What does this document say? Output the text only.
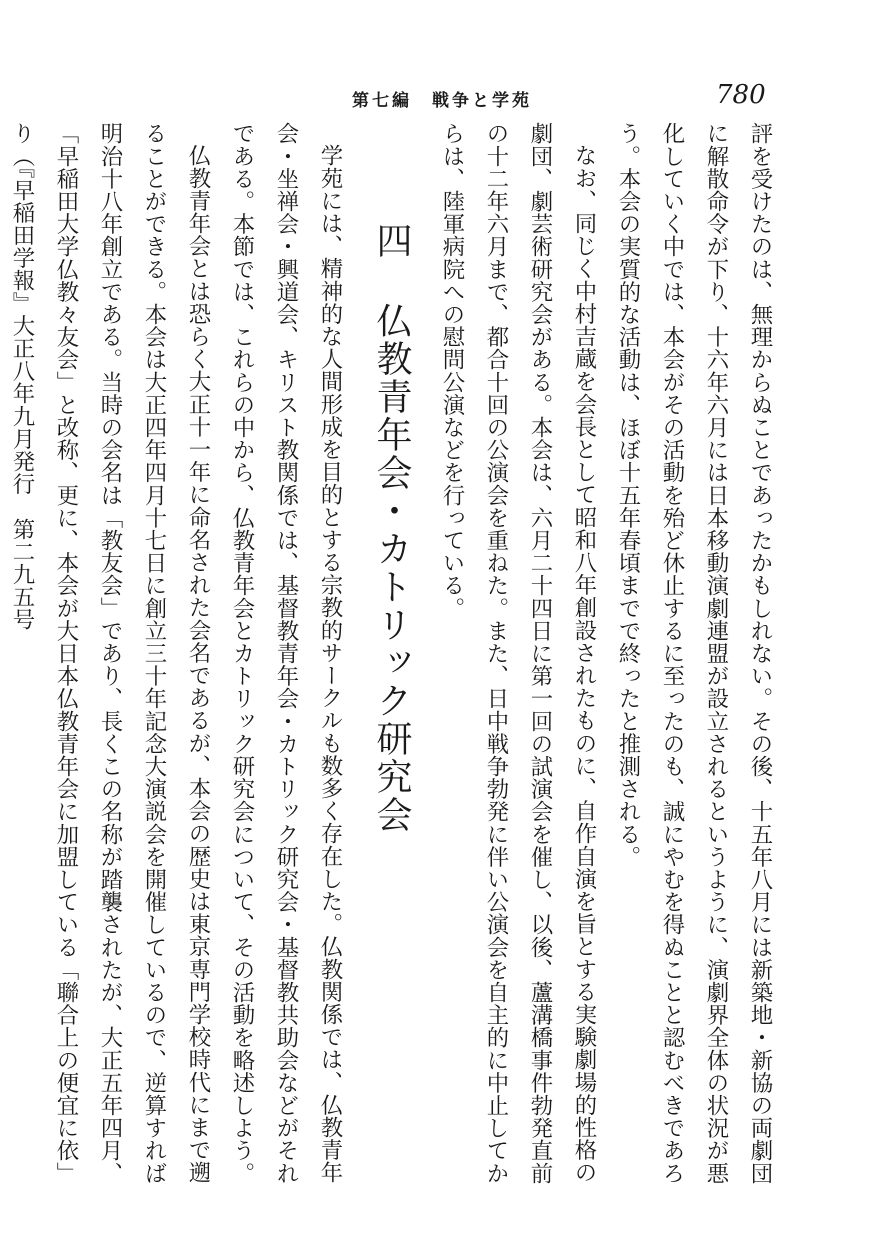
第七編　戦争と学苑	780

評を受けたのは、無理からぬことであったかもしれない。その後、十五年八月には新築地・新協の両劇団に解散命令が下り、十六年六月には日本移動演劇連盟が設立されるというように、演劇界全体の状況が悪化していく中では、本会がその活動を殆ど休止するに至ったのも、誠にやむを得ぬことと認むべきであろう。本会の実質的な活動は、ほぼ十五年春頃までで終ったと推測される。

なお、同じく中村吉蔵を会長として昭和八年創設されたものに、自作自演を旨とする実験劇場的性格の劇団、劇芸術研究会がある。本会は、六月二十四日に第一回の試演会を催し、以後、蘆溝橋事件勃発直前の十二年六月まで、都合十回の公演会を重ねた。また、日中戦争勃発に伴い公演会を自主的に中止してからは、陸軍病院への慰問公演などを行っている。

四仏教青年会・カトリック研究会

学苑には、精神的な人間形成を目的とする宗教的サークルも数多く存在した。仏教関係では、仏教青年会・坐禅会・興道会、キリスト教関係では、基督教青年会・カトリック研究会・基督教共助会などがそれである。本節では、これらの中から、仏教青年会とカトリック研究会について、その活動を略述しよう。

仏教青年会とは恐らく大正十一年に命名された会名であるが、本会の歴史は東京専門学校時代にまで遡ることができる。本会は大正四年四月十七日に創立三十年記念大演説会を開催しているので、逆算すれば明治十八年創立である。当時の会名は「教友会」であり、長くこの名称が踏襲されたが、大正五年四月、「早稲田大学仏教々友会」と改称、更に、本会が大日本仏教青年会に加盟している「聯合上の便宜に依」り（『早稲田学報』大正八年九月発行　第二九五号
